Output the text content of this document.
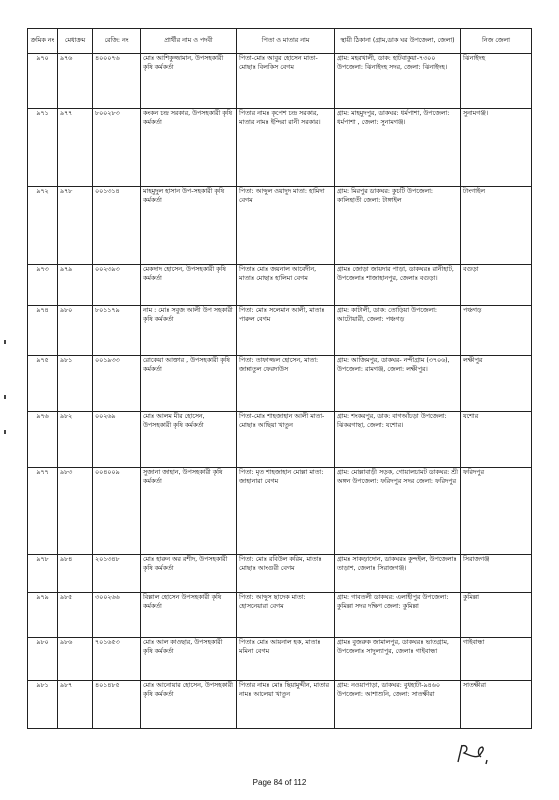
ক্রমিক নং	মেধাক্রম	রেজি: নং	প্রার্থীর নাম ও পদবী	পিতা ও মাতার নাম	স্থায়ী ঠিকানা (গ্রাম,ডাক ঘর উপজেলা, জেলা)	নিজ জেলা
৯৭০	৯৭৬	৪০০০৭৬	মোঃ আশিকুজ্জামান, উপসহকারী কৃষি কর্মকর্তা	পিতা-মোঃ আবুর হোসেন মাতা-মোছাঃ বিলকিস বেগম	গ্রাম: মহরখালী, ডাক: হাটবাকুয়া-৭৩০০ উপজেলা: ঝিনাইদহ সদর, জেলা: ঝিনাইদহ।	ঝিনাইদহ
৯৭১	৯৭৭	৮০০২৮৩	কংকন চন্দ্র সরকার, উপসহকারী কৃষি কর্মকর্তা	পিতার নামঃ কৃপেশ চন্দ্র সরকার, মাতার নামঃ ইন্দিরা রানী সরকার।	গ্রাম: মাহমুদপুর, ডাকঘর: ধর্মপাশা, উপজেলা: ধর্মপাশা , জেলা: সুনামগঞ্জ।	সুনামগঞ্জ।
৯৭২	৯৭৮	০০১৩১৪	মাহমুদুল হাসান উপ-সহকারী কৃষি কর্মকর্তা	পিতা: আব্দুল ওয়াদুদ মাতা: হামিদা বেগম	গ্রাম: মিরপুর ডাকঘর: কুচটি উপজেলা: কালিহাতী জেলা: টাঙ্গাইল	টাংগাইল
৯৭৩	৯৭৯	০০২৩৯৩	মেকদাদ হোসেন, উপসহকারী কৃষি কর্মকর্তা	পিতাঃ মোঃ জয়নাল আবেদীন, মাতাঃ মোছাঃ হালিমা বেগম	গ্রামঃ জোড়া জায়দার পাড়া, ডাকঘরঃ রানীহাট, উপজেলাঃ শাজাহানপুর, জেলাঃ বগুড়া।	বগুড়া
৯৭৪	৯৮০	৮০১১৭৯	নাম : মোঃ সবুজ আলী উপ সহকারী কৃষি কর্মকর্তা	পিতা: মোঃ সলেমান আলী, মাতাঃ পারুল বেগম	গ্রাম: কাটালী, ডাক: তোড়িয়া উপজেলা: আটোয়ারী, জেলা: পঞ্চগড়	পঞ্চগড়
৯৭৫	৯৮১	০০১৯৩৩	রোকেয়া আক্তার , উপসহকারী কৃষি কর্মকর্তা	পিতা: তাফাজ্জল হোসেন, মাতা: জান্নাতুল ফেরদাউস	গ্রাম: আজিমপুর, ডাকঘর- নন্দীগ্রাম (৩৭০৬), উপজেলা: রামগঞ্জ, জেলা: লক্ষীপুর।	লক্ষীপুর
৯৭৬	৯৮২	০০২৬৯	মোঃ আলম মীর হোসেন, উপসহকারী কৃষি কর্মকর্তা	পিতা-মোঃ শাহজাহান আলী মাতা-মোছাঃ আছিয়া খাতুন	গ্রাম: শংকরপুর, ডাক: বাগআঁচড়া উপজেলা: ঝিকরগাছা, জেলা: যশোর।	যশোর
৯৭৭	৯৮৩	০০৪০০৯	সুজানা জাহান, উপসহকারী কৃষি কর্মকর্তা	পিতা: মৃত শাহজাহান মোল্লা মাতা: জাহানারা বেগম	গ্রাম: মোল্লাবাড়ী সড়ক, গোয়ালচামট ডাকঘর: শ্রী অঙ্গন উপজেলা: ফরিদপুর সদর জেলা: ফরিদপুর	ফরিদপুর
৯৭৮	৯৮৪	২০১৩৪৮	মোঃ হারুন অর রশীদ, উপসহকারী কৃষি কর্মকর্তা	পিতা: মোঃ রবিউল করিম, মাতাঃ মোছাঃ আংগুরী বেগম	গ্রামঃ সাকড়াদোন, ডাকঘরঃ কুন্দইল, উপজেলাঃ তাড়াশ, জেলাঃ সিরাজগঞ্জ।	সিরাজগঞ্জ
৯৭৯	৯৮৫	৩০০২৬৬	বিল্লাল হোসেন উপসহকারী কৃষি কর্মকর্তা	পিতা: আব্দুস ছাদেক মাতা: হোসনেয়ারা বেগম	গ্রাম: গাবতলী ডাকঘর: এলাহীপুর উপজেলা: কুমিল্লা সদর দক্ষিণ জেলা: কুমিল্লা	কুমিল্লা
৯৮০	৯৮৬	৭০১৬৫৩	মোঃ আল কাওছার, উপসহকারী কৃষি কর্মকর্তা	পিতাঃ মোঃ আয়নাল হক, মাতাঃ মমিনা বেগম	গ্রামঃ বুজরুক জামালপুর, ডাকঘরঃ ভাতগ্রাম, উপজেলাঃ সাদুল্যাপুর, জেলাঃ গাইবান্ধা	গাইবান্ধা
৯৮১	৯৮৭	৪০১৪৮৫	মোঃ আনোয়ার হোসেন, উপসহকারী কৃষি কর্মকর্তা	পিতার নামঃ মোঃ ছিয়ামুদ্দীন, মাতার নামঃ আলেয়া খাতুন	গ্রাম: নওয়াপাড়া, ডাকঘর: বুধহাটা-৯৪৬০ উপজেলা: আশাশুনি, জেলা: সাতক্ষীরা	সাতক্ষীরা
Page 84 of 112
